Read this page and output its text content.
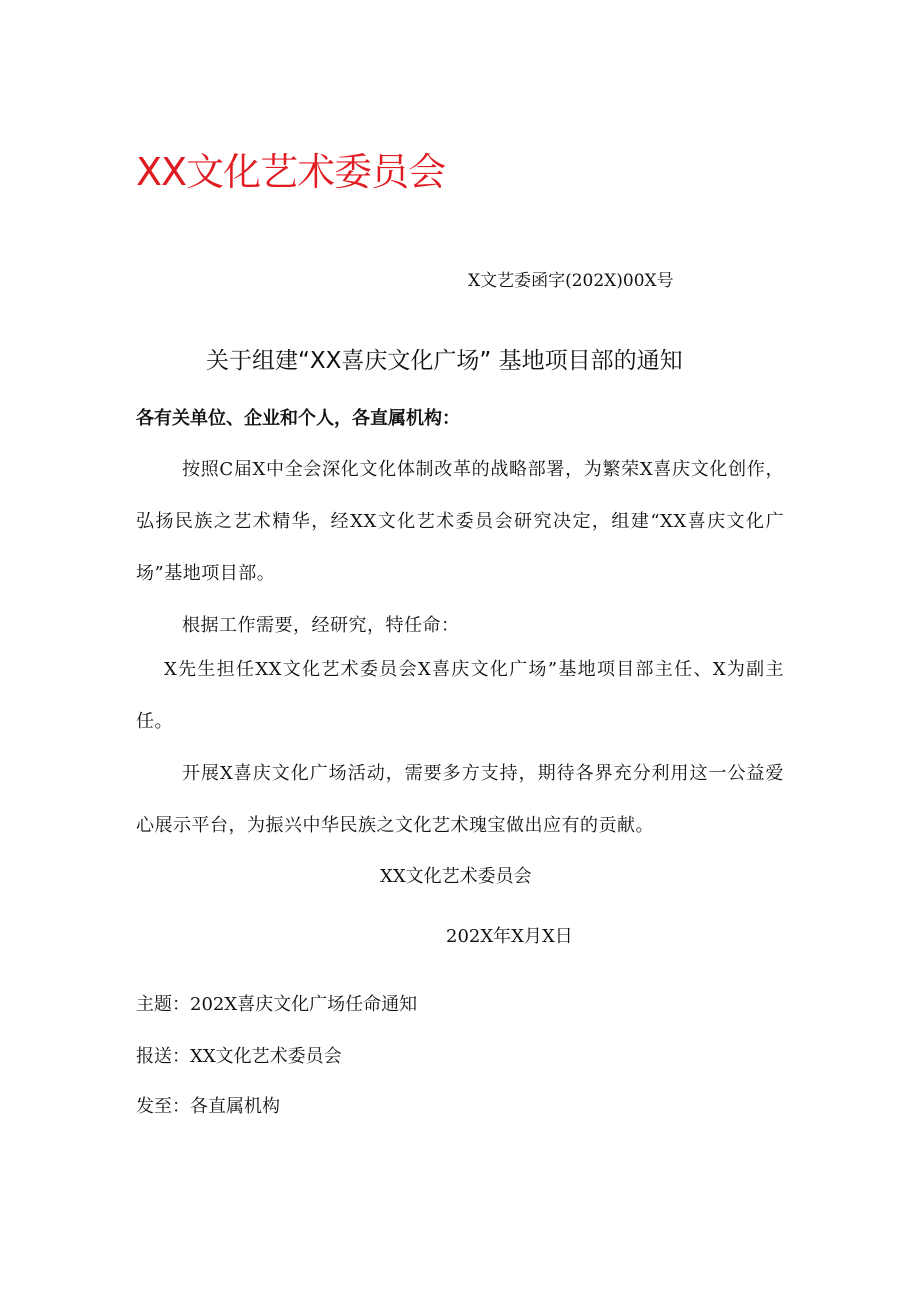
XX文化艺术委员会
X文艺委函字(202X)00X号
关于组建“XX喜庆文化广场” 基地项目部的通知
各有关单位、企业和个人，各直属机构：
按照C届X中全会深化文化体制改革的战略部署，为繁荣X喜庆文化创作，弘扬民族之艺术精华，经XX文化艺术委员会研究决定，组建“XX喜庆文化广场”基地项目部。
根据工作需要，经研究，特任命：
X先生担任XX文化艺术委员会X喜庆文化广场”基地项目部主任、X为副主任。
开展X喜庆文化广场活动，需要多方支持，期待各界充分利用这一公益爱心展示平台，为振兴中华民族之文化艺术瑰宝做出应有的贡献。
XX文化艺术委员会
202X年X月X日
主题：202X喜庆文化广场任命通知
报送：XX文化艺术委员会
发至：各直属机构
